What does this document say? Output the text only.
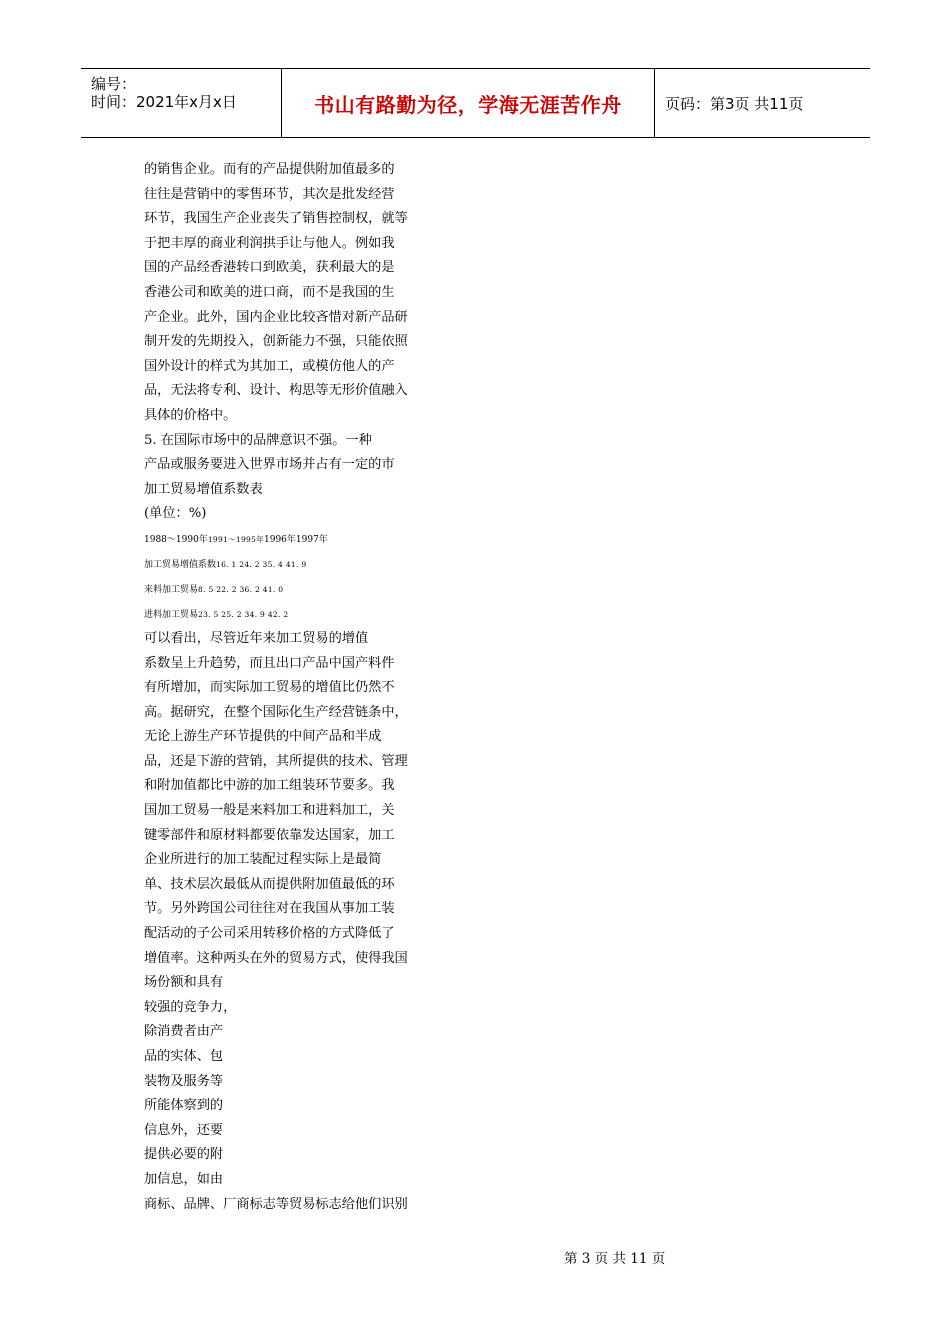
编号：
时间：2021年x月x日	书山有路勤为径，学海无涯苦作舟	页码：第3页 共11页
的销售企业。而有的产品提供附加值最多的
往往是营销中的零售环节，其次是批发经营
环节，我国生产企业丧失了销售控制权，就等
于把丰厚的商业利润拱手让与他人。例如我
国的产品经香港转口到欧美，获利最大的是
香港公司和欧美的进口商，而不是我国的生
产企业。此外，国内企业比较吝惜对新产品研
制开发的先期投入，创新能力不强，只能依照
国外设计的样式为其加工，或模仿他人的产
品，无法将专利、设计、构思等无形价值融入
具体的价格中。
5. 在国际市场中的品牌意识不强。一种
产品或服务要进入世界市场并占有一定的市
加工贸易增值系数表
(单位：%)
1988～1990年1991～1995年1996年1997年
加工贸易增值系数16. 1 24. 2 35. 4 41. 9
来料加工贸易8. 5 22. 2 36. 2 41. 0
进料加工贸易23. 5 25. 2 34. 9 42. 2
可以看出，尽管近年来加工贸易的增值
系数呈上升趋势，而且出口产品中国产料件
有所增加，而实际加工贸易的增值比仍然不
高。据研究，在整个国际化生产经营链条中，
无论上游生产环节提供的中间产品和半成
品，还是下游的营销，其所提供的技术、管理
和附加值都比中游的加工组装环节要多。我
国加工贸易一般是来料加工和进料加工，关
键零部件和原材料都要依靠发达国家，加工
企业所进行的加工装配过程实际上是最简
单、技术层次最低从而提供附加值最低的环
节。另外跨国公司往往对在我国从事加工装
配活动的子公司采用转移价格的方式降低了
增值率。这种两头在外的贸易方式，使得我国
场份额和具有
较强的竞争力，
除消费者由产
品的实体、包
装物及服务等
所能体察到的
信息外，还要
提供必要的附
加信息，如由
商标、品牌、厂商标志等贸易标志给他们识别
第 3 页 共 11 页
